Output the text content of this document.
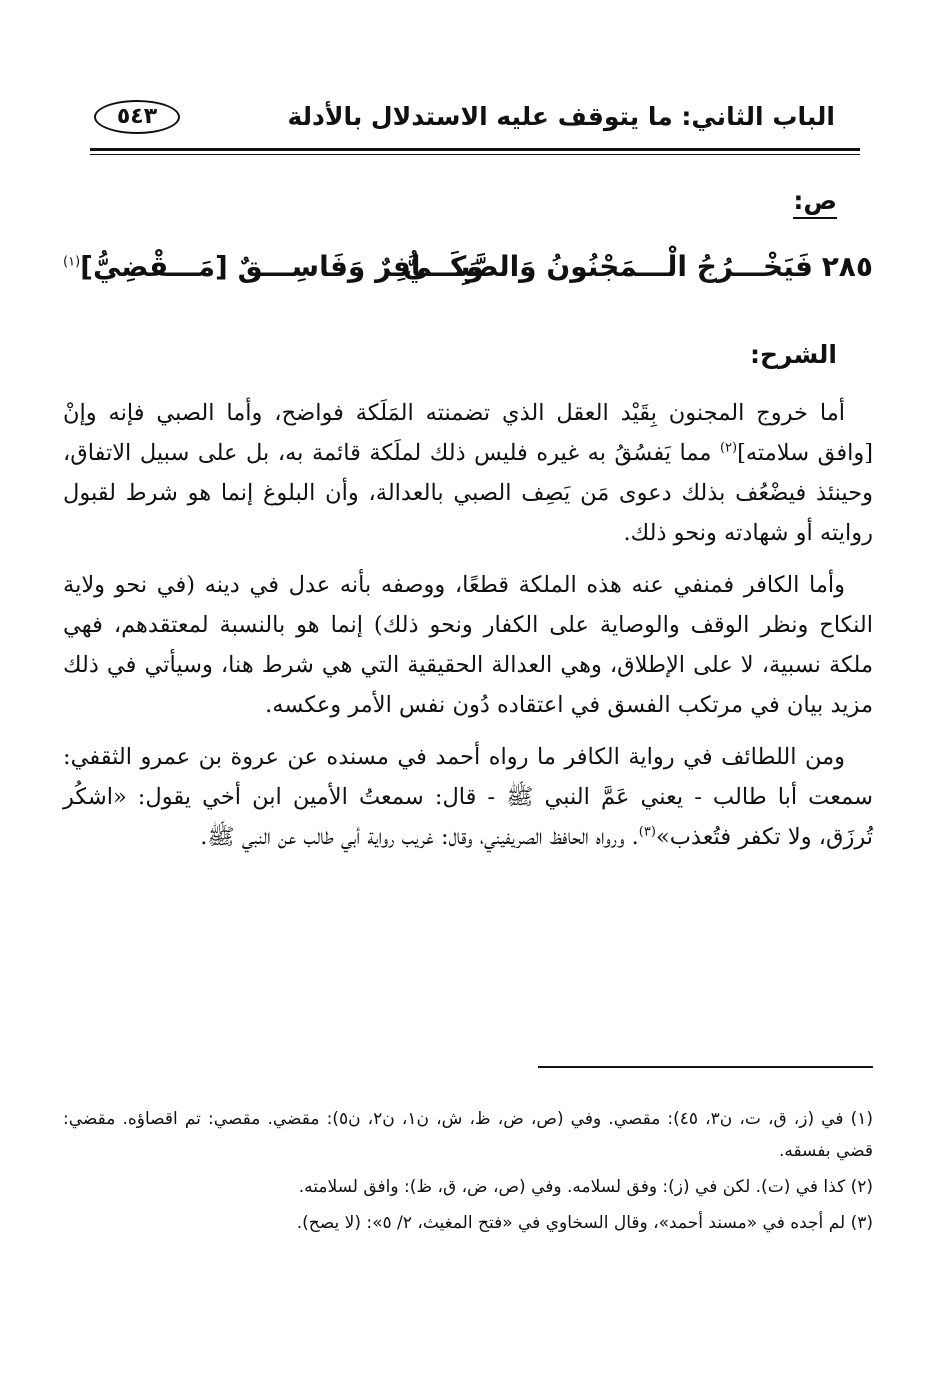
الباب الثاني: ما يتوقف عليه الاستدلال بالأدلة
٥٤٣
ص:
٢٨٥
فَيَخْـــرُجُ الْـــمَجْنُونُ وَالصَّبِـــيُّ
وَكَـــافِرٌ وَفَاسِـــقٌ [مَـــقْضِيُّ]$^{(١)}$
الشرح:

أما خروج المجنون بِقَيْد العقل الذي تضمنته المَلَكة فواضح، وأما الصبي فإنه وإنْ [وافق سلامته]$^{(٢)}$ مما يَفسُقُ به غيره فليس ذلك لملَكة قائمة به، بل على سبيل الاتفاق، وحينئذ فيضْعُف بذلك دعوى مَن يَصِف الصبي بالعدالة، وأن البلوغ إنما هو شرط لقبول روايته أو شهادته ونحو ذلك.

وأما الكافر فمنفي عنه هذه الملكة قطعًا، ووصفه بأنه عدل في دينه (في نحو ولاية النكاح ونظر الوقف والوصاية على الكفار ونحو ذلك) إنما هو بالنسبة لمعتقدهم، فهي ملكة نسبية، لا على الإطلاق، وهي العدالة الحقيقية التي هي شرط هنا، وسيأتي في ذلك مزيد بيان في مرتكب الفسق في اعتقاده دُون نفس الأمر وعكسه.

ومن اللطائف في رواية الكافر ما رواه أحمد في مسنده عن عروة بن عمرو الثقفي: سمعت أبا طالب - يعني عَمَّ النبي ﷺ - قال: سمعتُ الأمين ابن أخي يقول: «اشكُر تُرزَق، ولا تكفر فتُعذب»$^{(٣)}$. ورواه الحافظ الصريفيني، وقال: غريب رواية أبي طالب عن النبي ﷺ.

(١) في (ز، ق، ت، ن٣، ٤٥): مقصي. وفي (ص، ض، ظ، ش، ن١، ن٢، ن٥): مقضي. مقصي: تم اقصاؤه. مقضي: قضي بفسقه.

(٢) كذا في (ت). لكن في (ز): وفق لسلامه. وفي (ص، ض، ق، ظ): وافق لسلامته.

(٣) لم أجده في «مسند أحمد»، وقال السخاوي في «فتح المغيث، ٢/ ٥»: (لا يصح).
